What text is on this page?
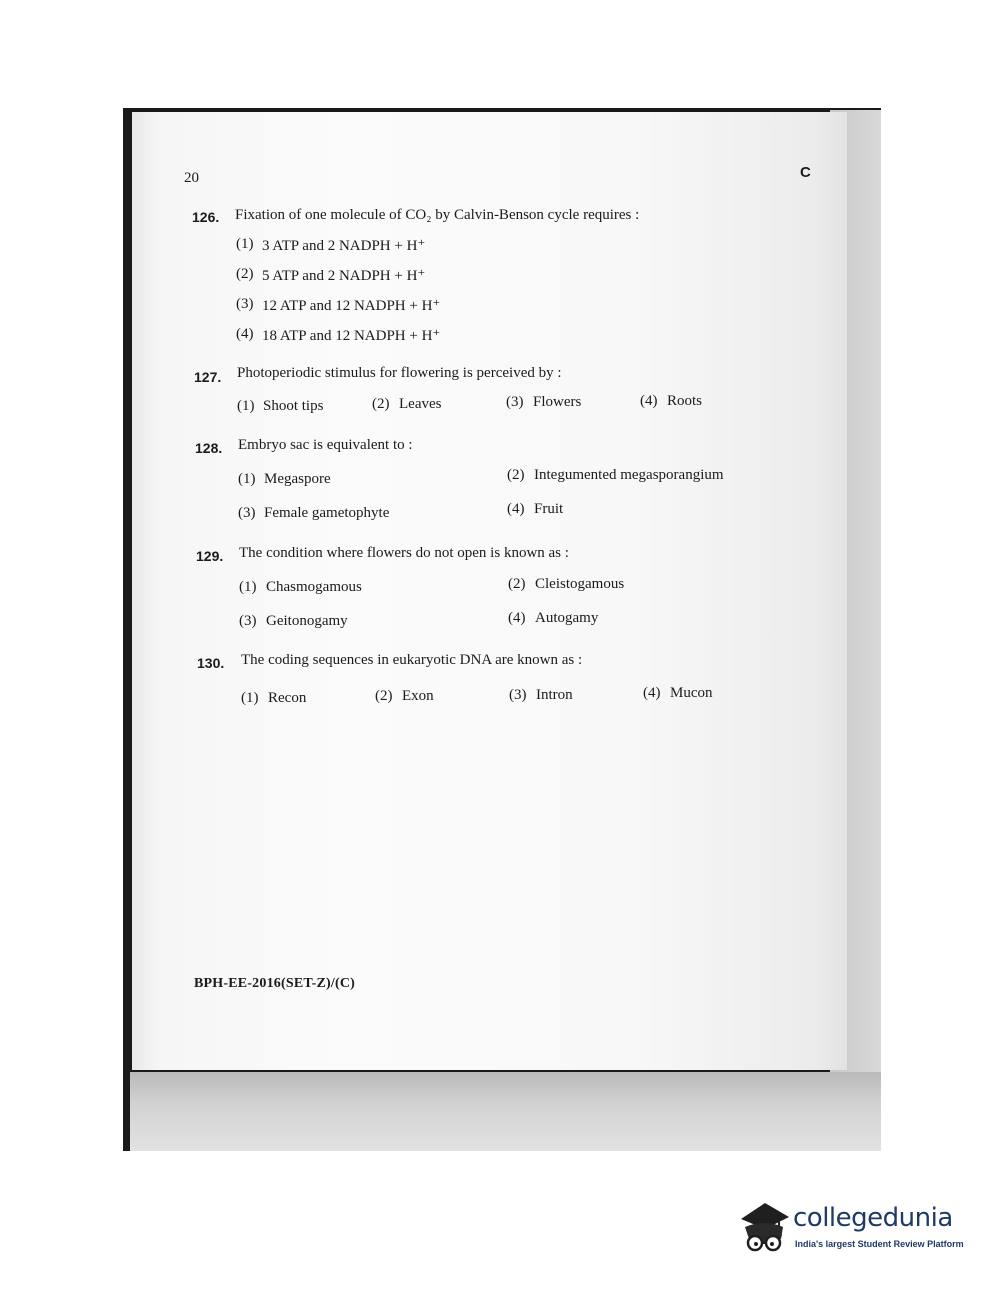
20	C
126. Fixation of one molecule of CO₂ by Calvin-Benson cycle requires :
(1) 3 ATP and 2 NADPH + H⁺
(2) 5 ATP and 2 NADPH + H⁺
(3) 12 ATP and 12 NADPH + H⁺
(4) 18 ATP and 12 NADPH + H⁺
127. Photoperiodic stimulus for flowering is perceived by :
(1) Shoot tips	(2) Leaves	(3) Flowers	(4) Roots
128. Embryo sac is equivalent to :
(1) Megaspore	(2) Integumented megasporangium
(3) Female gametophyte	(4) Fruit
129. The condition where flowers do not open is known as :
(1) Chasmogamous	(2) Cleistogamous
(3) Geitonogamy	(4) Autogamy
130. The coding sequences in eukaryotic DNA are known as :
(1) Recon	(2) Exon	(3) Intron	(4) Mucon
BPH-EE-2016(SET-Z)/(C)
collegedunia
India's largest Student Review Platform
